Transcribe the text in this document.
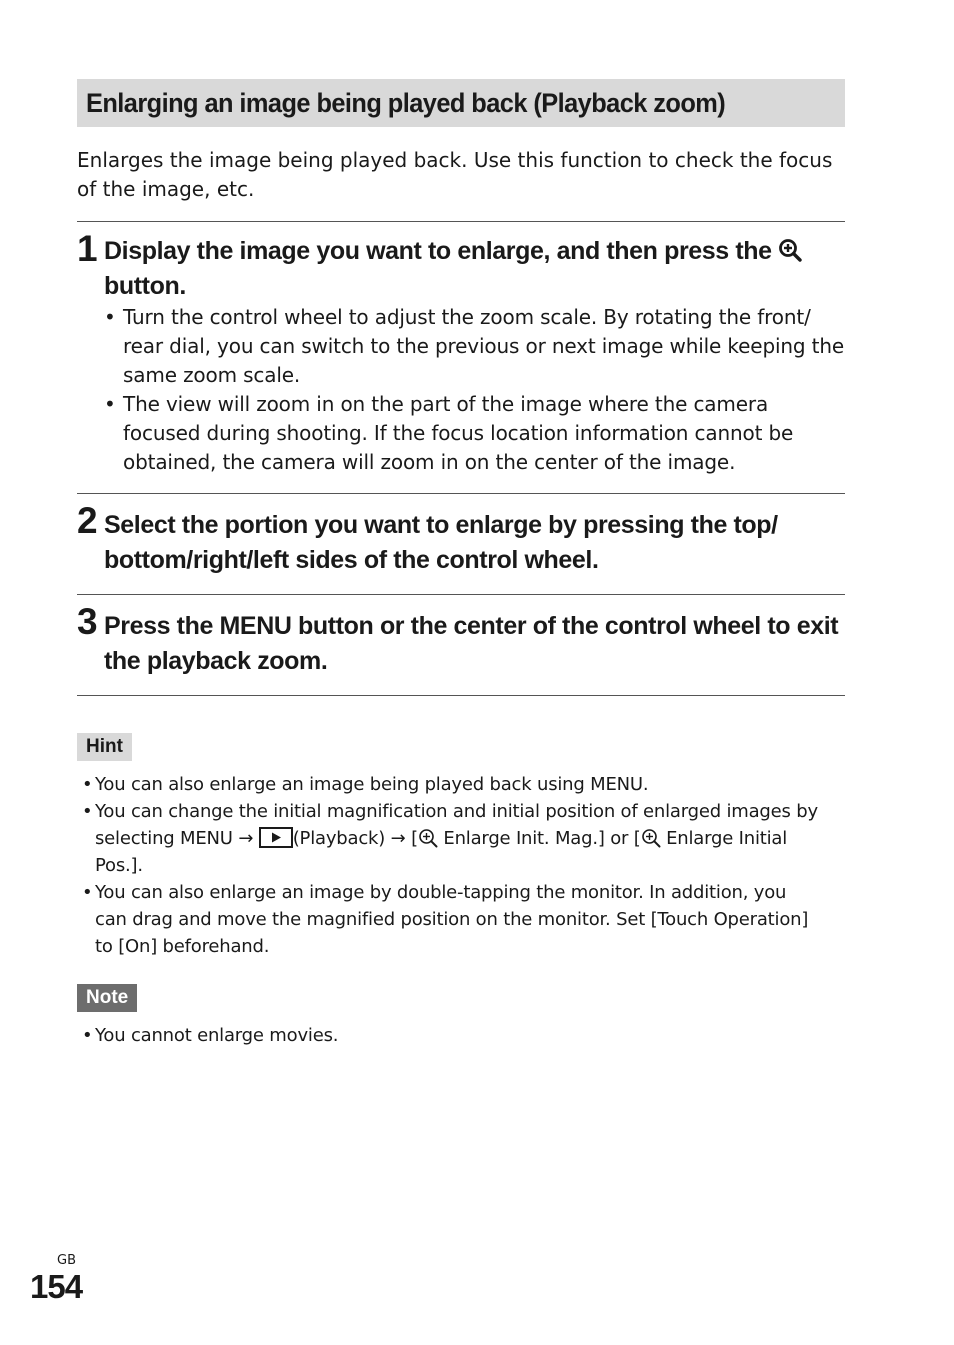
Enlarging an image being played back (Playback zoom)

Enlarges the image being played back. Use this function to check the focus of the image, etc.

1 Display the image you want to enlarge, and then press the button.

• Turn the control wheel to adjust the zoom scale. By rotating the front/ rear dial, you can switch to the previous or next image while keeping the same zoom scale.
• The view will zoom in on the part of the image where the camera focused during shooting. If the focus location information cannot be obtained, the camera will zoom in on the center of the image.
2 Select the portion you want to enlarge by pressing the top/ bottom/right/left sides of the control wheel.

3 Press the MENU button or the center of the control wheel to exit the playback zoom.

Hint
• You can also enlarge an image being played back using MENU.
• You can change the initial magnification and initial position of enlarged images by selecting MENU → (Playback) → [ Enlarge Init. Mag.] or [ Enlarge Initial Pos.].
• You can also enlarge an image by double-tapping the monitor. In addition, you can drag and move the magnified position on the monitor. Set [Touch Operation] to [On] beforehand.
Note
• You cannot enlarge movies.
GB
154
